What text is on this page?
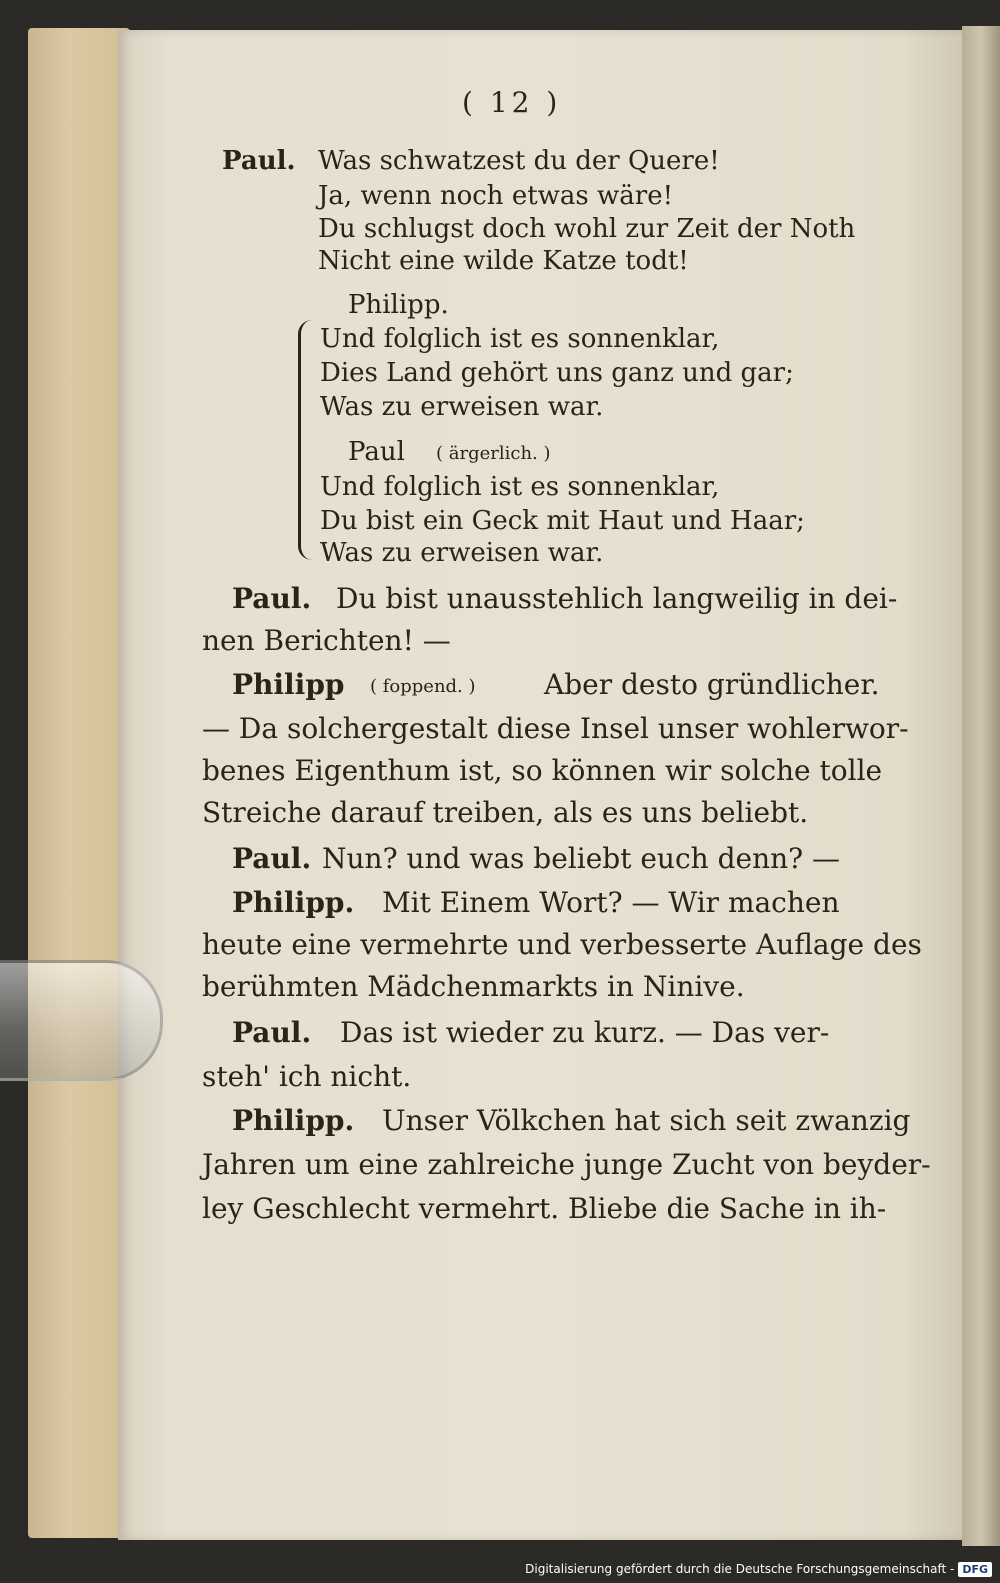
( 12 )
Paul. Was schwatzest du der Quere!
Ja, wenn noch etwas wäre!
Du schlugst doch wohl zur Zeit der Noth
Nicht eine wilde Katze todt!
Philipp.
Und folglich ist es sonnenklar,
Dies Land gehört uns ganz und gar;
Was zu erweisen war.
Paul ( ärgerlich. )
Und folglich ist es sonnenklar,
Du bist ein Geck mit Haut und Haar;
Was zu erweisen war.
Paul. Du bist unausstehlich langweilig in dei-
nen Berichten! —
Philipp ( foppend. ) Aber desto gründlicher.
— Da solchergestalt diese Insel unser wohlerwor-
benes Eigenthum ist, so können wir solche tolle
Streiche darauf treiben, als es uns beliebt.
Paul. Nun? und was beliebt euch denn? —
Philipp. Mit Einem Wort? — Wir machen
heute eine vermehrte und verbesserte Auflage des
berühmten Mädchenmarkts in Ninive.
Paul. Das ist wieder zu kurz. — Das ver-
steh' ich nicht.
Philipp. Unser Völkchen hat sich seit zwanzig
Jahren um eine zahlreiche junge Zucht von beyder-
ley Geschlecht vermehrt. Bliebe die Sache in ih-
Digitalisierung gefördert durch die Deutsche Forschungsgemeinschaft - DFG
